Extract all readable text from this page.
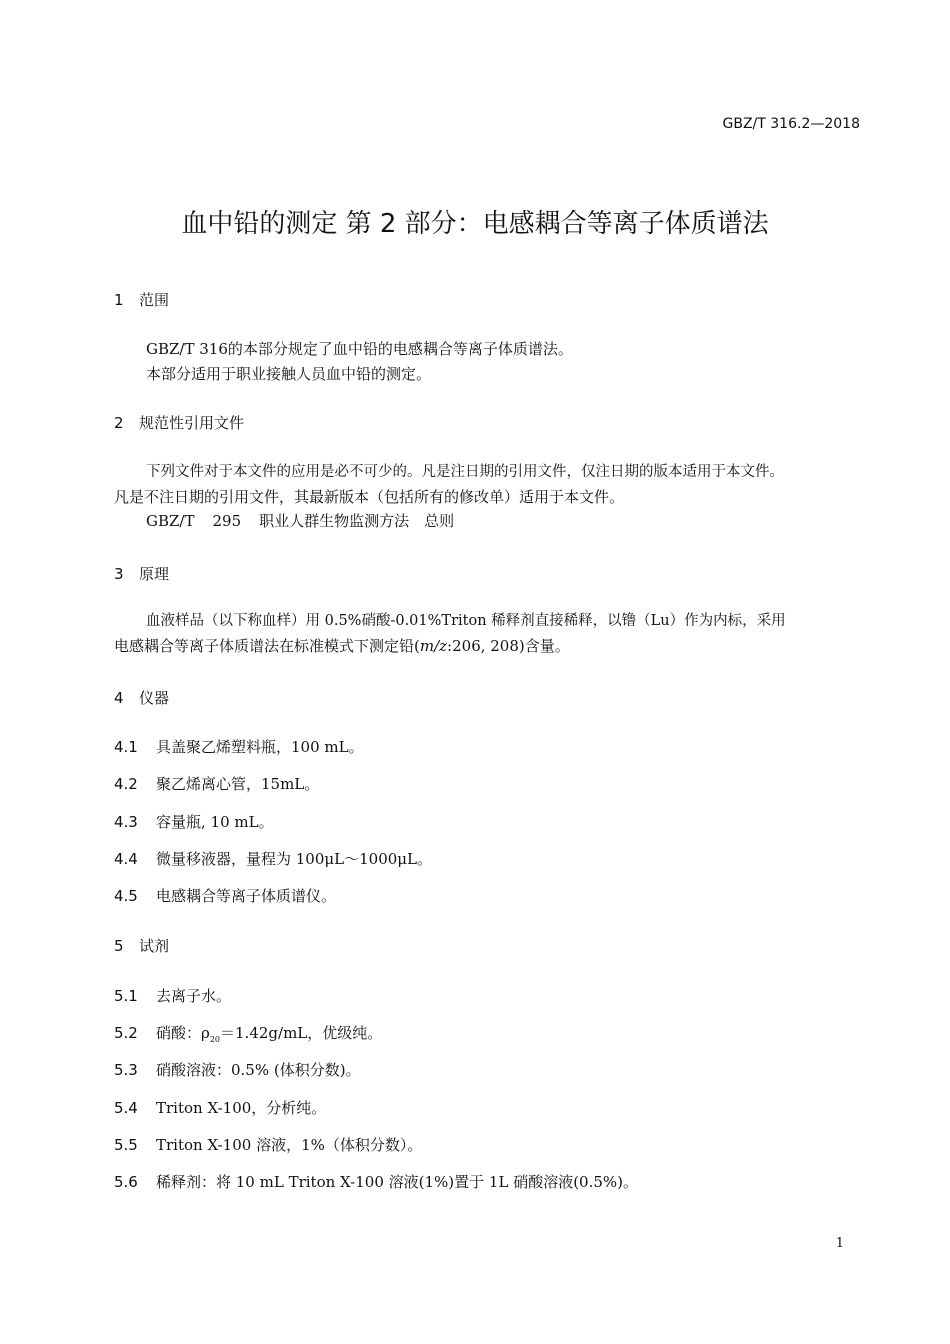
GBZ/T 316.2—2018
血中铅的测定 第 2 部分：电感耦合等离子体质谱法
1 范围
GBZ/T 316的本部分规定了血中铅的电感耦合等离子体质谱法。
本部分适用于职业接触人员血中铅的测定。
2 规范性引用文件
下列文件对于本文件的应用是必不可少的。凡是注日期的引用文件，仅注日期的版本适用于本文件。
凡是不注日期的引用文件，其最新版本（包括所有的修改单）适用于本文件。
GBZ/T 295 职业人群生物监测方法　总则
3 原理
血液样品（以下称血样）用 0.5%硝酸-0.01%Triton 稀释剂直接稀释，以镥（Lu）作为内标，采用
电感耦合等离子体质谱法在标准模式下测定铅(m/z:206, 208)含量。
4 仪器
4.1 具盖聚乙烯塑料瓶，100 mL。
4.2 聚乙烯离心管，15mL。
4.3 容量瓶, 10 mL。
4.4 微量移液器，量程为 100μL～1000μL。
4.5 电感耦合等离子体质谱仪。
5 试剂
5.1 去离子水。
5.2 硝酸：$\rho_{20}=1.42g/mL$，优级纯。
5.3 硝酸溶液：0.5% (体积分数)。
5.4 Triton X-100，分析纯。
5.5 Triton X-100 溶液，1%（体积分数）。
5.6 稀释剂：将 10 mL Triton X-100 溶液(1%)置于 1L 硝酸溶液(0.5%)。
1
